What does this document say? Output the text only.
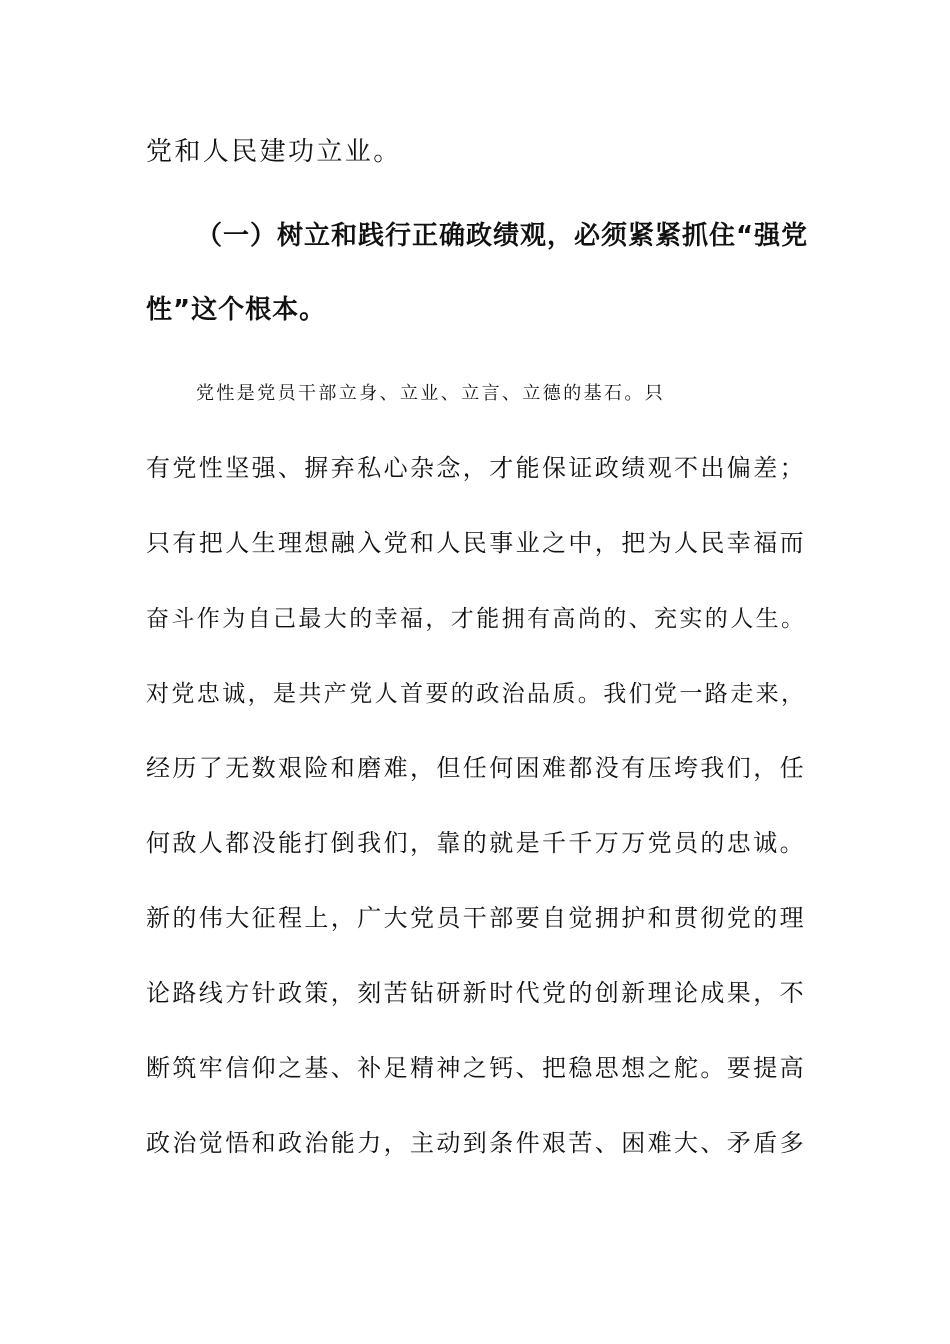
党和人民建功立业。
（一）树立和践行正确政绩观，必须紧紧抓住“强党
性”这个根本。
党性是党员干部立身、立业、立言、立德的基石。只
有党性坚强、摒弃私心杂念，才能保证政绩观不出偏差；
只有把人生理想融入党和人民事业之中，把为人民幸福而
奋斗作为自己最大的幸福，才能拥有高尚的、充实的人生。
对党忠诚，是共产党人首要的政治品质。我们党一路走来，
经历了无数艰险和磨难，但任何困难都没有压垮我们，任
何敌人都没能打倒我们，靠的就是千千万万党员的忠诚。
新的伟大征程上，广大党员干部要自觉拥护和贯彻党的理
论路线方针政策，刻苦钻研新时代党的创新理论成果，不
断筑牢信仰之基、补足精神之钙、把稳思想之舵。要提高
政治觉悟和政治能力，主动到条件艰苦、困难大、矛盾多
